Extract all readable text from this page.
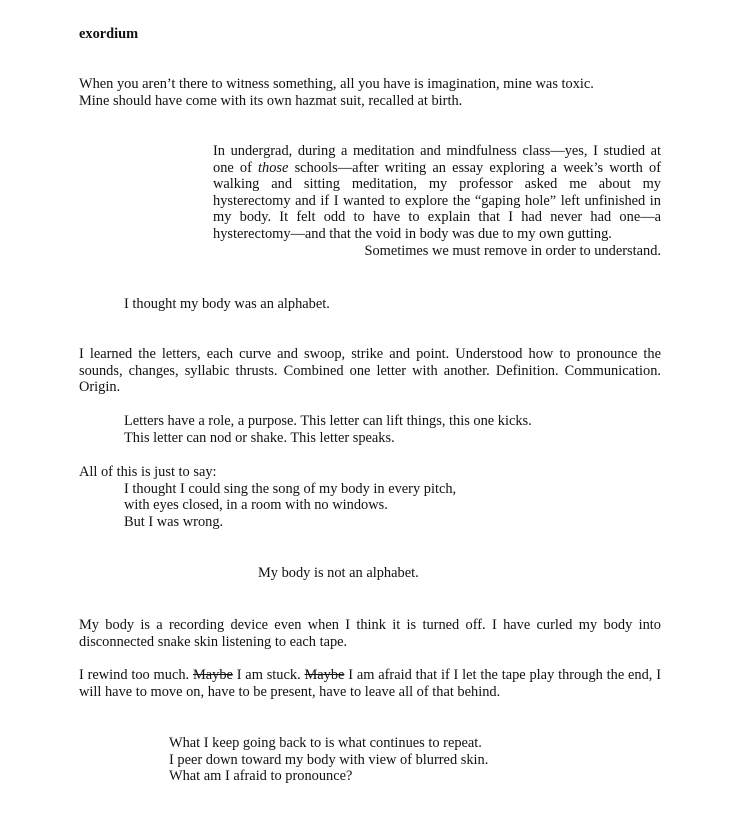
exordium
When you aren’t there to witness something, all you have is imagination, mine was toxic.
Mine should have come with its own hazmat suit, recalled at birth.
In undergrad, during a meditation and mindfulness class—yes, I studied at one of those schools—after writing an essay exploring a week’s worth of walking and sitting meditation, my professor asked me about my hysterectomy and if I wanted to explore the “gaping hole” left unfinished in my body. It felt odd to have to explain that I had never had one—a hysterectomy—and that the void in body was due to my own gutting.
Sometimes we must remove in order to understand.
I thought my body was an alphabet.
I learned the letters, each curve and swoop, strike and point. Understood how to pronounce the sounds, changes, syllabic thrusts. Combined one letter with another. Definition. Communication. Origin.
Letters have a role, a purpose. This letter can lift things, this one kicks.
This letter can nod or shake. This letter speaks.
All of this is just to say:
I thought I could sing the song of my body in every pitch,
with eyes closed, in a room with no windows.
But I was wrong.
My body is not an alphabet.
My body is a recording device even when I think it is turned off. I have curled my body into disconnected snake skin listening to each tape.
I rewind too much. Maybe I am stuck. Maybe I am afraid that if I let the tape play through the end, I will have to move on, have to be present, have to leave all of that behind.
What I keep going back to is what continues to repeat.
I peer down toward my body with view of blurred skin.
What am I afraid to pronounce?
